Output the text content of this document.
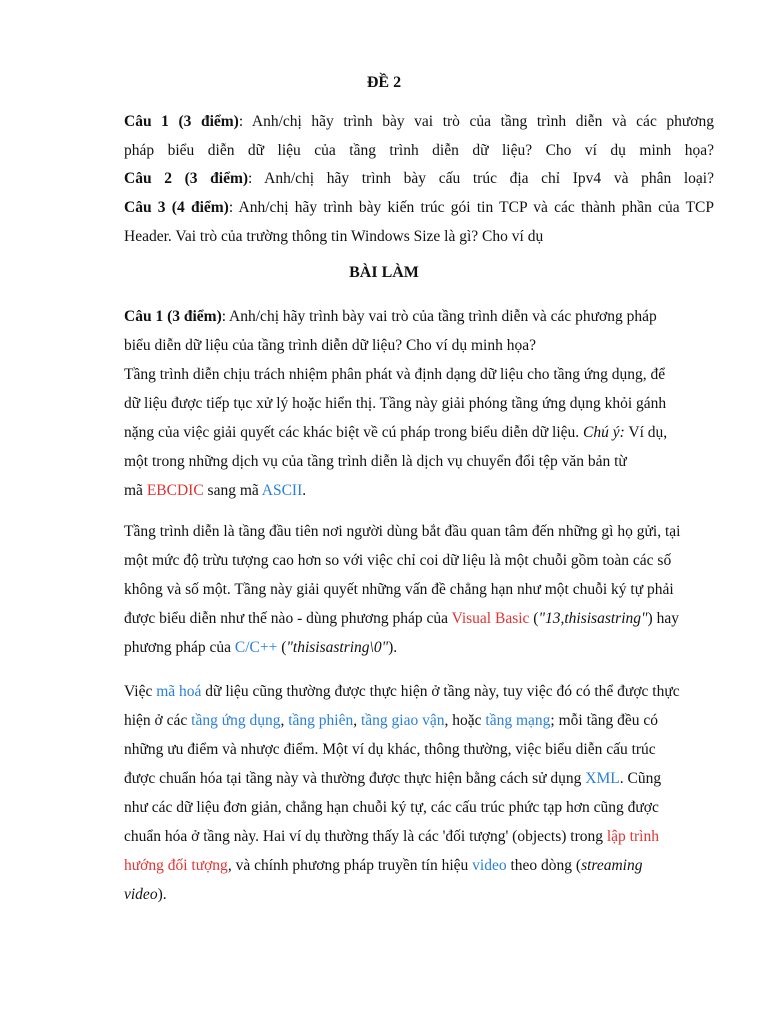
ĐỀ 2
Câu 1 (3 điểm): Anh/chị hãy trình bày vai trò của tầng trình diễn và các phương
pháp biểu diễn dữ liệu của tầng trình diễn dữ liệu? Cho ví dụ minh họa?
Câu 2 (3 điểm): Anh/chị hãy trình bày cấu trúc địa chỉ Ipv4 và phân loại?
Câu 3 (4 điểm): Anh/chị hãy trình bày kiến trúc gói tin TCP và các thành phần của TCP
Header. Vai trò của trường thông tin Windows Size là gì? Cho ví dụ
BÀI LÀM
Câu 1 (3 điểm): Anh/chị hãy trình bày vai trò của tầng trình diễn và các phương pháp
biểu diễn dữ liệu của tầng trình diễn dữ liệu? Cho ví dụ minh họa?
Tầng trình diễn chịu trách nhiệm phân phát và định dạng dữ liệu cho tầng ứng dụng, để
dữ liệu được tiếp tục xử lý hoặc hiển thị. Tầng này giải phóng tầng ứng dụng khỏi gánh
nặng của việc giải quyết các khác biệt về cú pháp trong biểu diễn dữ liệu. Chú ý: Ví dụ,
một trong những dịch vụ của tầng trình diễn là dịch vụ chuyển đổi tệp văn bản từ
mã EBCDIC sang mã ASCII.
Tầng trình diễn là tầng đầu tiên nơi người dùng bắt đầu quan tâm đến những gì họ gửi, tại
một mức độ trừu tượng cao hơn so với việc chỉ coi dữ liệu là một chuỗi gồm toàn các số
không và số một. Tầng này giải quyết những vấn đề chẳng hạn như một chuỗi ký tự phải
được biểu diễn như thế nào - dùng phương pháp của Visual Basic ("13,thisisastring") hay
phương pháp của C/C++ ("thisisastring\0").
Việc mã hoá dữ liệu cũng thường được thực hiện ở tầng này, tuy việc đó có thể được thực
hiện ở các tầng ứng dụng, tầng phiên, tầng giao vận, hoặc tầng mạng; mỗi tầng đều có
những ưu điểm và nhược điểm. Một ví dụ khác, thông thường, việc biểu diễn cấu trúc
được chuẩn hóa tại tầng này và thường được thực hiện bằng cách sử dụng XML. Cũng
như các dữ liệu đơn giản, chẳng hạn chuỗi ký tự, các cấu trúc phức tạp hơn cũng được
chuẩn hóa ở tầng này. Hai ví dụ thường thấy là các 'đối tượng' (objects) trong lập trình
hướng đối tượng, và chính phương pháp truyền tín hiệu video theo dòng (streaming
video).
